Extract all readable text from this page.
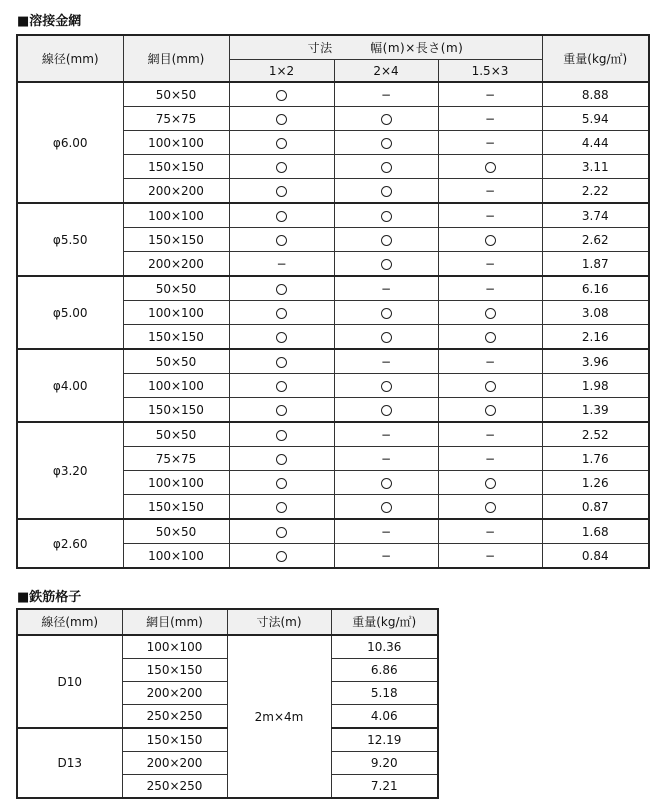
■溶接金網
線径(mm)	網目(mm)	寸法　　　幅(m)×長さ(m)			重量(kg/㎡)
		1×2	2×4	1.5×3	
φ6.00	50×50		−	−	8.88
	75×75			−	5.94
	100×100			−	4.44
	150×150				3.11
	200×200			−	2.22
φ5.50	100×100			−	3.74
	150×150				2.62
	200×200	−		−	1.87
φ5.00	50×50		−	−	6.16
	100×100				3.08
	150×150				2.16
φ4.00	50×50		−	−	3.96
	100×100				1.98
	150×150				1.39
φ3.20	50×50		−	−	2.52
	75×75		−	−	1.76
	100×100				1.26
	150×150				0.87
φ2.60	50×50		−	−	1.68
	100×100		−	−	0.84
■鉄筋格子
線径(mm)	網目(mm)	寸法(m)	重量(kg/㎡)
D10	100×100	2m×4m	10.36
	150×150		6.86
	200×200		5.18
	250×250		4.06
D13	150×150		12.19
	200×200		9.20
	250×250		7.21
